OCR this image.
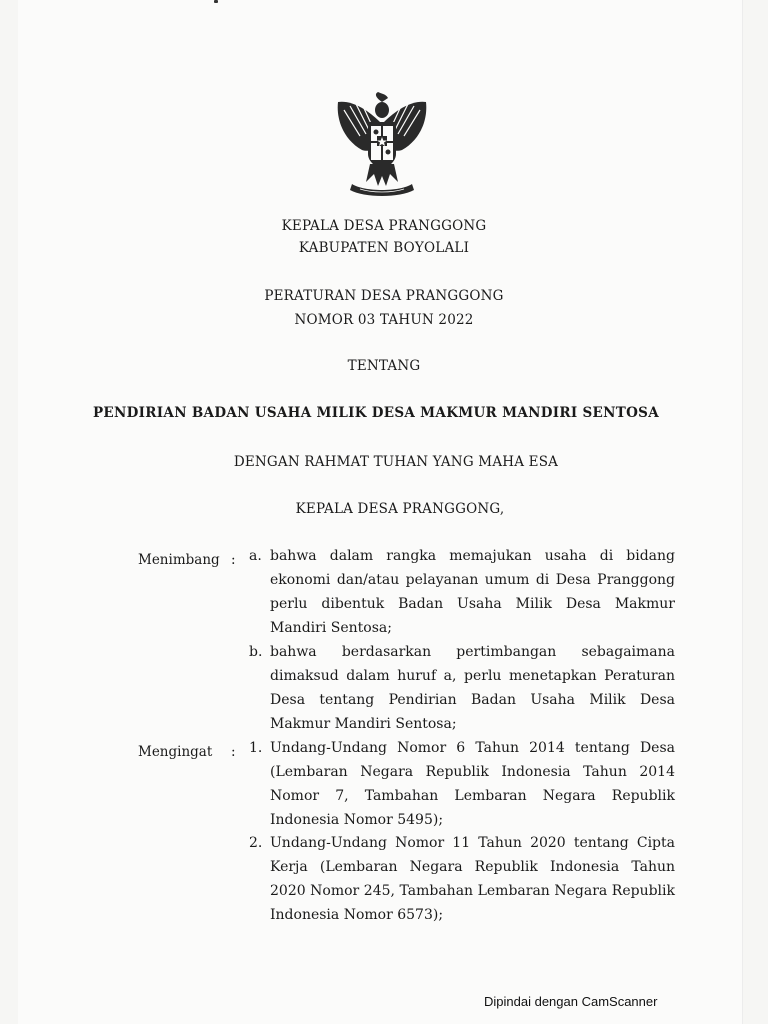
KEPALA DESA PRANGGONG
KABUPATEN BOYOLALI
PERATURAN DESA PRANGGONG
NOMOR 03 TAHUN 2022
TENTANG
PENDIRIAN BADAN USAHA MILIK DESA MAKMUR MANDIRI SENTOSA
DENGAN RAHMAT TUHAN YANG MAHA ESA
KEPALA DESA PRANGGONG,
Menimbang : a. bahwa dalam rangka memajukan usaha di bidang ekonomi dan/atau pelayanan umum di Desa Pranggong perlu dibentuk Badan Usaha Milik Desa Makmur Mandiri Sentosa;
b. bahwa berdasarkan pertimbangan sebagaimana dimaksud dalam huruf a, perlu menetapkan Peraturan Desa tentang Pendirian Badan Usaha Milik Desa Makmur Mandiri Sentosa;
Mengingat : 1. Undang-Undang Nomor 6 Tahun 2014 tentang Desa (Lembaran Negara Republik Indonesia Tahun 2014 Nomor 7, Tambahan Lembaran Negara Republik Indonesia Nomor 5495);
2. Undang-Undang Nomor 11 Tahun 2020 tentang Cipta Kerja (Lembaran Negara Republik Indonesia Tahun 2020 Nomor 245, Tambahan Lembaran Negara Republik Indonesia Nomor 6573);
Dipindai dengan CamScanner
